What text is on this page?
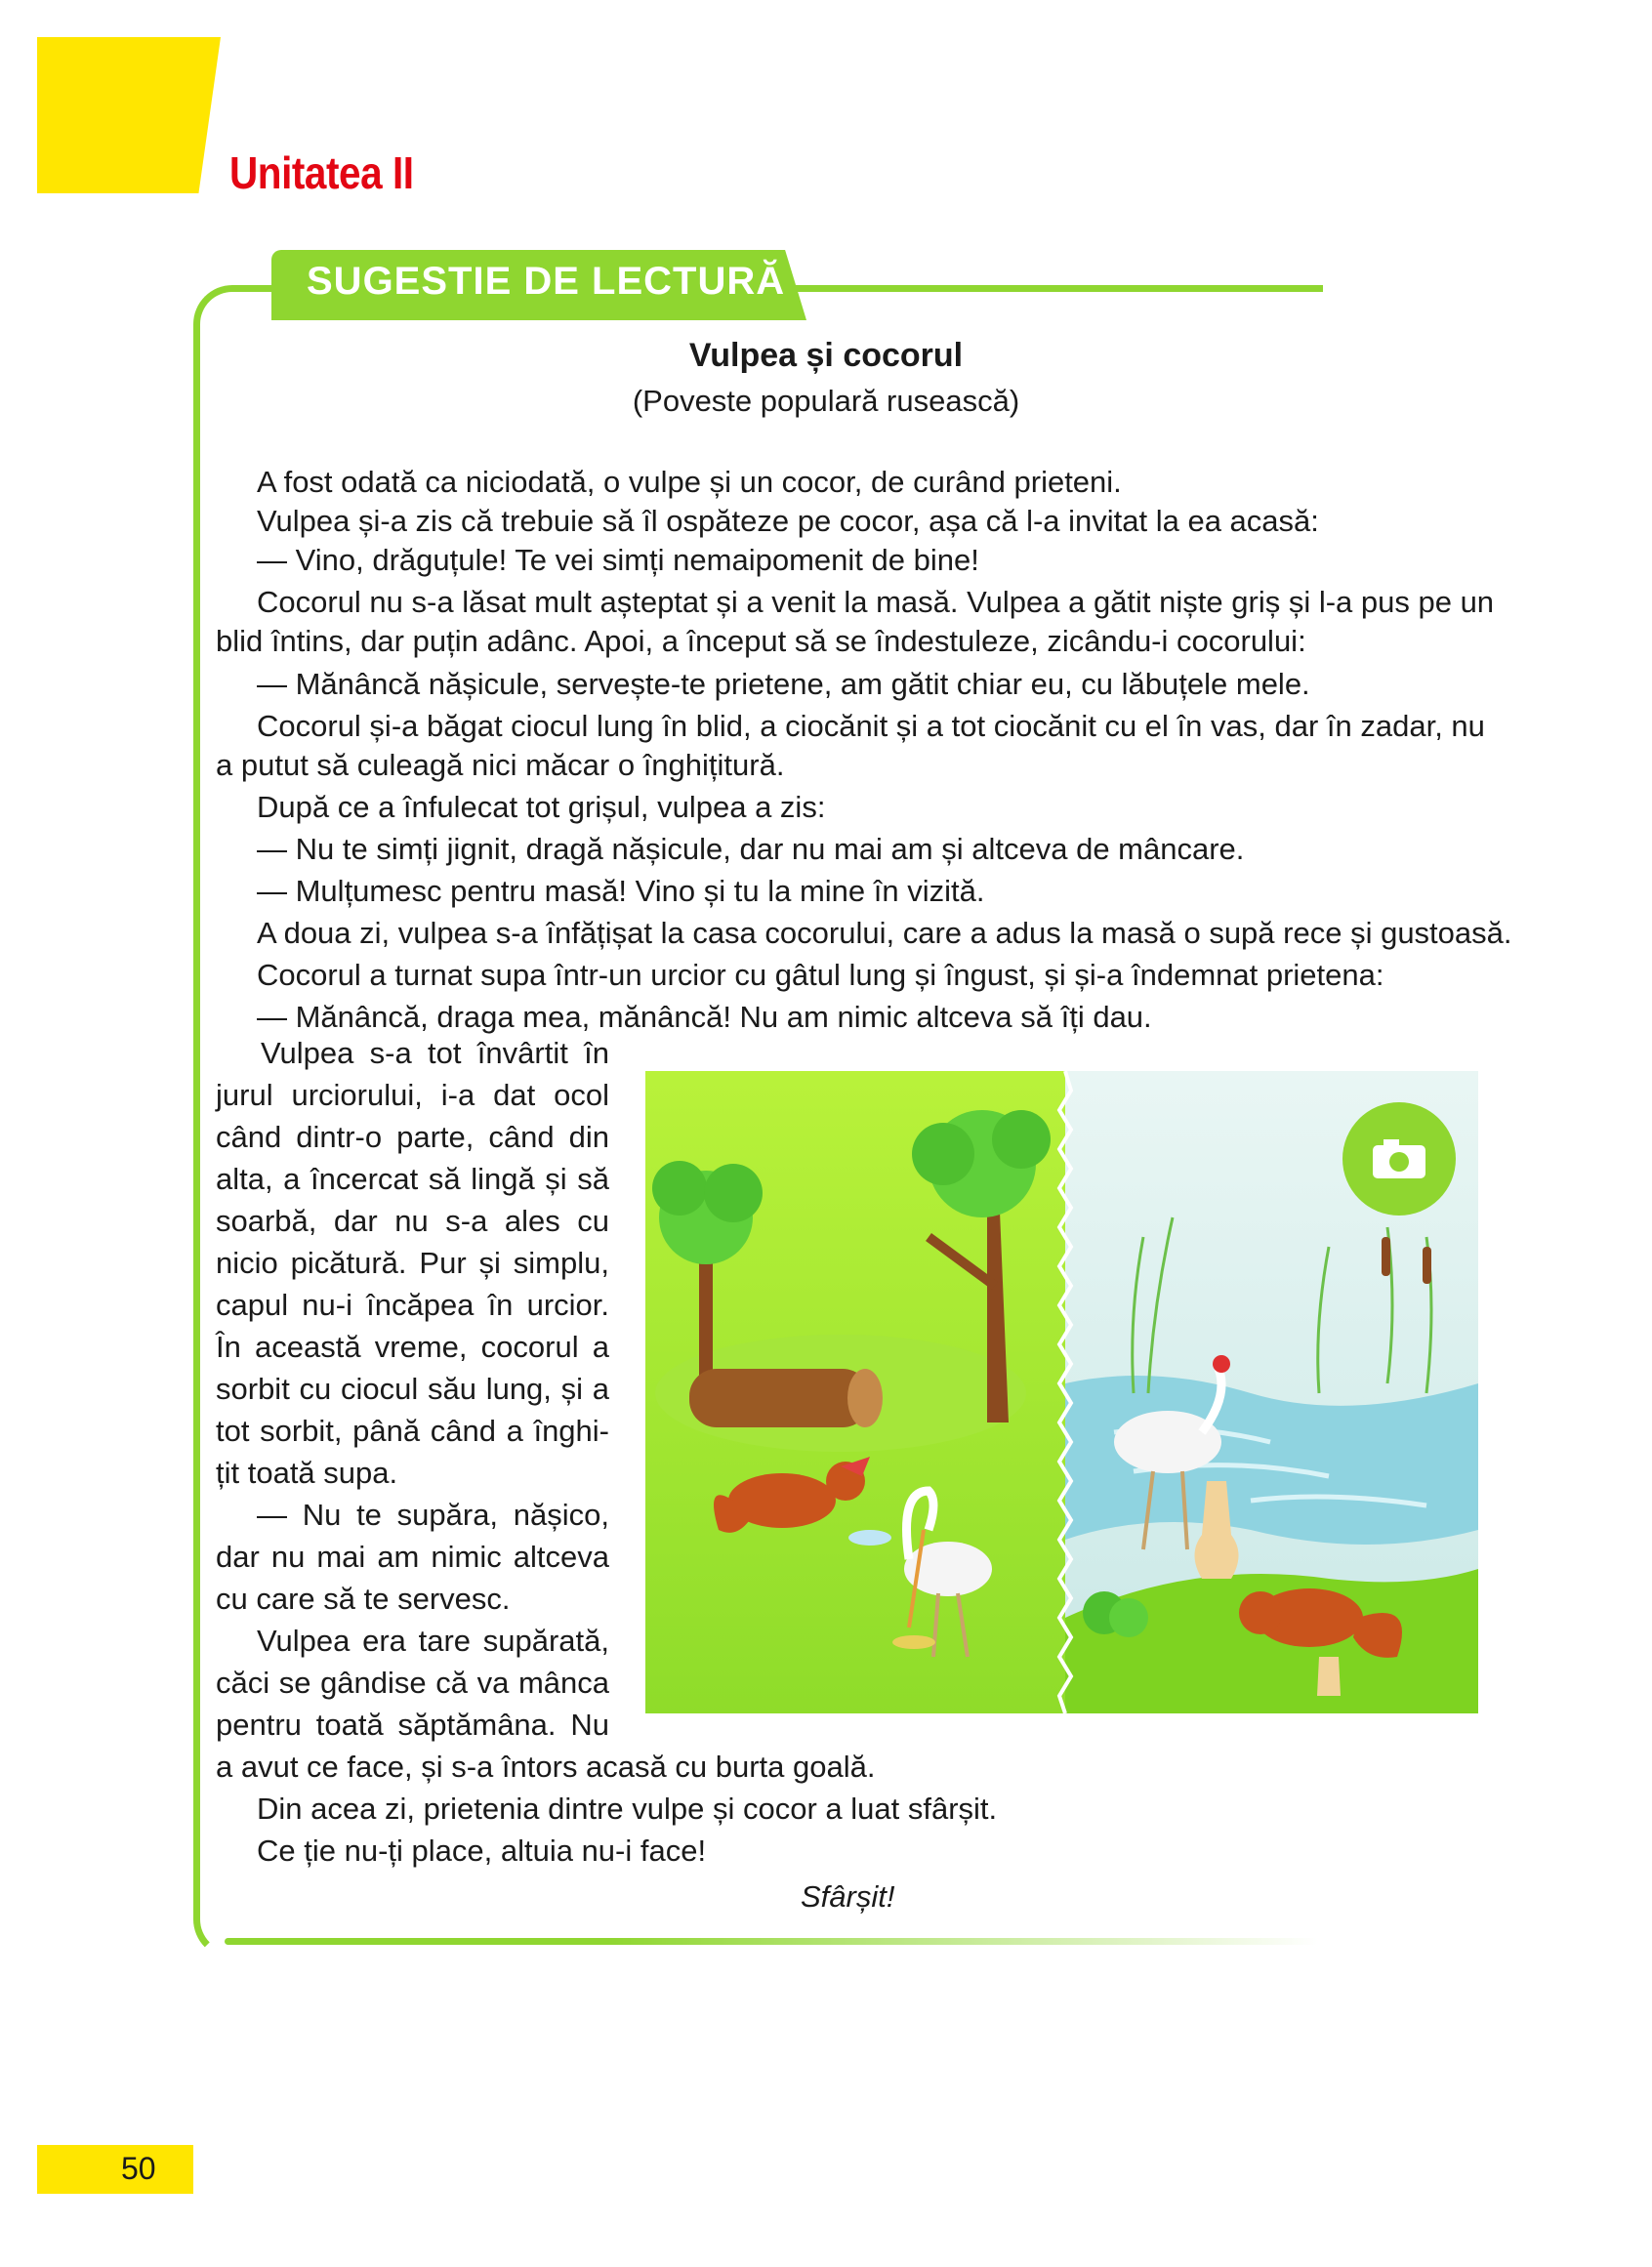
Unitatea II
SUGESTIE DE LECTURĂ
Vulpea și cocorul
(Poveste populară rusească)
A fost odată ca niciodată, o vulpe și un cocor, de curând prieteni.
Vulpea și-a zis că trebuie să îl ospăteze pe cocor, așa că l-a invitat la ea acasă:
— Vino, drăguțule! Te vei simți nemaipomenit de bine!
Cocorul nu s-a lăsat mult așteptat și a venit la masă. Vulpea a gătit niște griș și l-a pus pe un
blid întins, dar puțin adânc. Apoi, a început să se îndestuleze, zicându-i cocorului:
— Mănâncă nășicule, servește-te prietene, am gătit chiar eu, cu lăbuțele mele.
Cocorul și-a băgat ciocul lung în blid, a ciocănit și a tot ciocănit cu el în vas, dar în zadar, nu
a putut să culeagă nici măcar o înghițitură.
După ce a înfulecat tot grișul, vulpea a zis:
— Nu te simți jignit, dragă nășicule, dar nu mai am și altceva de mâncare.
— Mulțumesc pentru masă! Vino și tu la mine în vizită.
A doua zi, vulpea s-a înfățișat la casa cocorului, care a adus la masă o supă rece și gustoasă.
Cocorul a turnat supa într-un urcior cu gâtul lung și îngust, și și-a îndemnat prietena:
— Mănâncă, draga mea, mănâncă! Nu am nimic altceva să îți dau.
Vulpea s-a tot învârtit în
jurul urciorului, i-a dat ocol
când dintr-o parte, când din
alta, a încercat să lingă și să
soarbă, dar nu s-a ales cu
nicio picătură. Pur și simplu,
capul nu-i încăpea în urcior.
În această vreme, cocorul a
sorbit cu ciocul său lung, și a
tot sorbit, până când a înghi-
țit toată supa.
— Nu te supăra, nășico,
dar nu mai am nimic altceva
cu care să te servesc.
Vulpea era tare supărată,
căci se gândise că va mânca
pentru toată săptămâna. Nu
a avut ce face, și s-a întors acasă cu burta goală.
Din acea zi, prietenia dintre vulpe și cocor a luat sfârșit.
Ce ție nu-ți place, altuia nu-i face!
Sfârșit!
50
